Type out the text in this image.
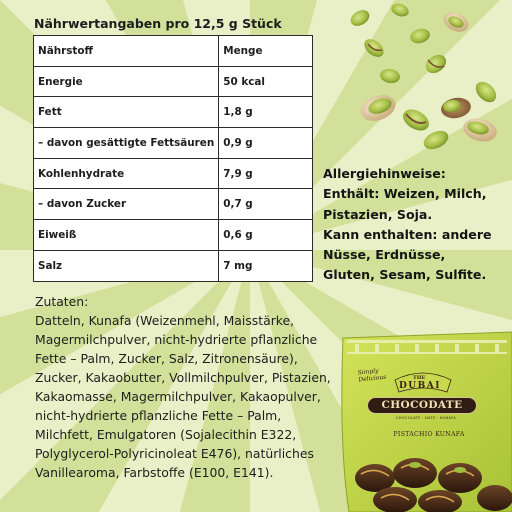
Nährwertangaben pro 12,5 g Stück
Nährstoff	Menge
Energie	50 kcal
Fett	1,8 g
– davon gesättigte Fettsäuren	0,9 g
Kohlenhydrate	7,9 g
– davon Zucker	0,7 g
Eiweiß	0,6 g
Salz	7 mg
Allergiehinweise:
Enthält: Weizen, Milch,
Pistazien, Soja.
Kann enthalten: andere
Nüsse, Erdnüsse,
Gluten, Sesam, Sulfite.
Zutaten:
Datteln, Kunafa (Weizenmehl, Maisstärke, Magermilchpulver, nicht-hydrierte pflanzliche Fette – Palm, Zucker, Salz, Zitronensäure), Zucker, Kakaobutter, Vollmilchpulver, Pistazien, Kakaomasse, Magermilchpulver, Kakaopulver, nicht-hydrierte pflanzliche Fette – Palm, Milchfett, Emulgatoren (Sojalecithin E322, Polyglycerol-Polyricinoleat E476), natürliches Vanillearoma, Farbstoffe (E100, E141).
Simply Delicious	THE
DUBAI
CHOCODATE
CHOCOLATE · DATE · KUNAFA
PISTACHIO KUNAFA
